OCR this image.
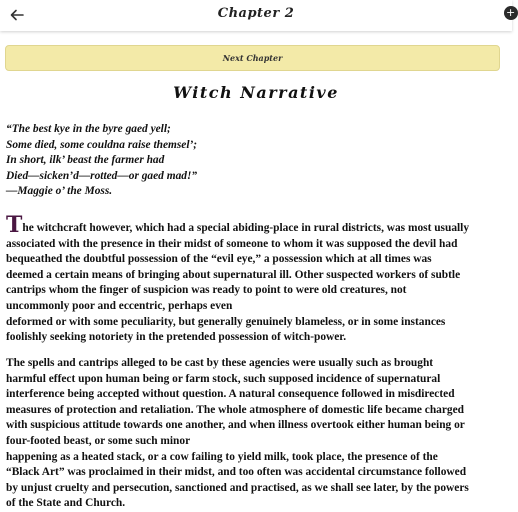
Chapter 2	+
Next Chapter
Witch Narrative
“The best kye in the byre gaed yell;
Some died, some couldna raise themsel’;
In short, ilk’ beast the farmer had
Died—sicken’d—rotted—or gaed mad!”
—Maggie o’ the Moss.
The witchcraft however, which had a special abiding-place in rural districts, was most usually
associated with the presence in their midst of someone to whom it was supposed the devil had
bequeathed the doubtful possession of the “evil eye,” a possession which at all times was
deemed a certain means of bringing about supernatural ill. Other suspected workers of subtle
cantrips whom the finger of suspicion was ready to point to were old creatures, not
uncommonly poor and eccentric, perhaps even
deformed or with some peculiarity, but generally genuinely blameless, or in some instances
foolishly seeking notoriety in the pretended possession of witch-power.
The spells and cantrips alleged to be cast by these agencies were usually such as brought
harmful effect upon human being or farm stock, such supposed incidence of supernatural
interference being accepted without question. A natural consequence followed in misdirected
measures of protection and retaliation. The whole atmosphere of domestic life became charged
with suspicious attitude towards one another, and when illness overtook either human being or
four-footed beast, or some such minor
happening as a heated stack, or a cow failing to yield milk, took place, the presence of the
“Black Art” was proclaimed in their midst, and too often was accidental circumstance followed
by unjust cruelty and persecution, sanctioned and practised, as we shall see later, by the powers
of the State and Church.
